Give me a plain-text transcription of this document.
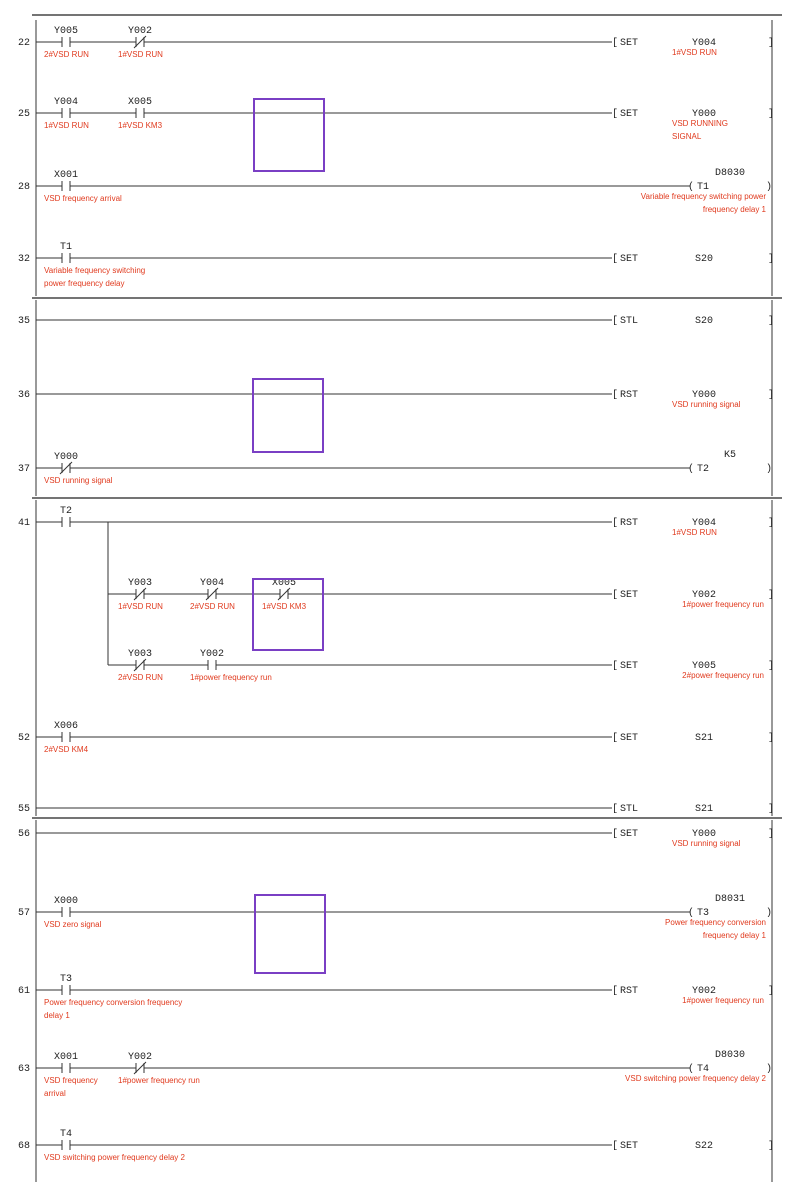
22
Y005
2#VSD RUN
Y002
1#VSD RUN
[ SET	Y004	]
1#VSD RUN
25
Y004
1#VSD RUN
X005
1#VSD KM3
[ SET	Y000	]
VSD RUNNING
SIGNAL
28
X001
VSD frequency arrival
( T1	)
D8030
Variable frequency switching power
frequency delay 1
32
T1
Variable frequency switching
power frequency delay
[ SET	S20	]
35	[ STL	S20	]
36	[ RST	Y000	]
VSD running signal
37
Y000
VSD running signal
( T2	)
K5
41
T2
[ RST	Y004	]
1#VSD RUN
Y003
1#VSD RUN
Y004
2#VSD RUN
X005
1#VSD KM3
[ SET	Y002	]
1#power frequency run
Y003
2#VSD RUN
Y002
1#power frequency run
[ SET	Y005	]
2#power frequency run
52
X006
2#VSD KM4
[ SET	S21	]
55	[ STL	S21	]
56	[ SET	Y000	]
VSD running signal
57
X000
VSD zero signal
( T3	)
D8031
Power frequency conversion
frequency delay 1
61
T3
Power frequency conversion frequency
delay 1
[ RST	Y002	]
1#power frequency run
63
X001
VSD frequency
arrival
Y002
1#power frequency run
( T4	)
D8030
VSD switching power frequency delay 2
68
T4
VSD switching power frequency delay 2
[ SET	S22	]
